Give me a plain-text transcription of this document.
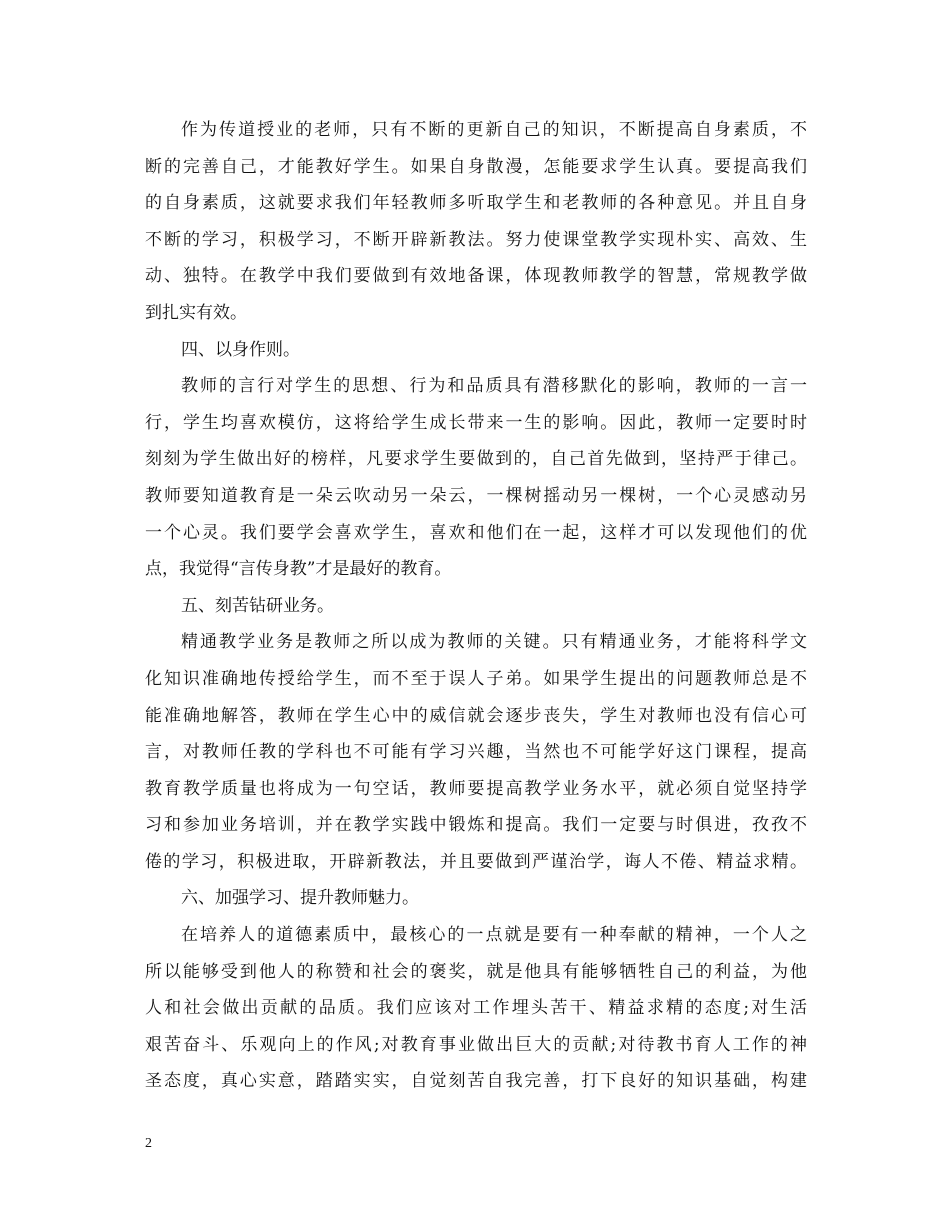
作为传道授业的老师，只有不断的更新自己的知识，不断提高自身素质，不
断的完善自己，才能教好学生。如果自身散漫，怎能要求学生认真。要提高我们
的自身素质，这就要求我们年轻教师多听取学生和老教师的各种意见。并且自身
不断的学习，积极学习，不断开辟新教法。努力使课堂教学实现朴实、高效、生
动、独特。在教学中我们要做到有效地备课，体现教师教学的智慧，常规教学做
到扎实有效。
四、以身作则。
教师的言行对学生的思想、行为和品质具有潜移默化的影响，教师的一言一
行，学生均喜欢模仿，这将给学生成长带来一生的影响。因此，教师一定要时时
刻刻为学生做出好的榜样，凡要求学生要做到的，自己首先做到，坚持严于律己。
教师要知道教育是一朵云吹动另一朵云，一棵树摇动另一棵树，一个心灵感动另
一个心灵。我们要学会喜欢学生，喜欢和他们在一起，这样才可以发现他们的优
点，我觉得“言传身教”才是最好的教育。
五、刻苦钻研业务。
精通教学业务是教师之所以成为教师的关键。只有精通业务，才能将科学文
化知识准确地传授给学生，而不至于误人子弟。如果学生提出的问题教师总是不
能准确地解答，教师在学生心中的威信就会逐步丧失，学生对教师也没有信心可
言，对教师任教的学科也不可能有学习兴趣，当然也不可能学好这门课程，提高
教育教学质量也将成为一句空话，教师要提高教学业务水平，就必须自觉坚持学
习和参加业务培训，并在教学实践中锻炼和提高。我们一定要与时俱进，孜孜不
倦的学习，积极进取，开辟新教法，并且要做到严谨治学，诲人不倦、精益求精。
六、加强学习、提升教师魅力。
在培养人的道德素质中，最核心的一点就是要有一种奉献的精神，一个人之
所以能够受到他人的称赞和社会的褒奖，就是他具有能够牺牲自己的利益，为他
人和社会做出贡献的品质。我们应该对工作埋头苦干、精益求精的态度;对生活
艰苦奋斗、乐观向上的作风;对教育事业做出巨大的贡献;对待教书育人工作的神
圣态度，真心实意，踏踏实实，自觉刻苦自我完善，打下良好的知识基础，构建
2
